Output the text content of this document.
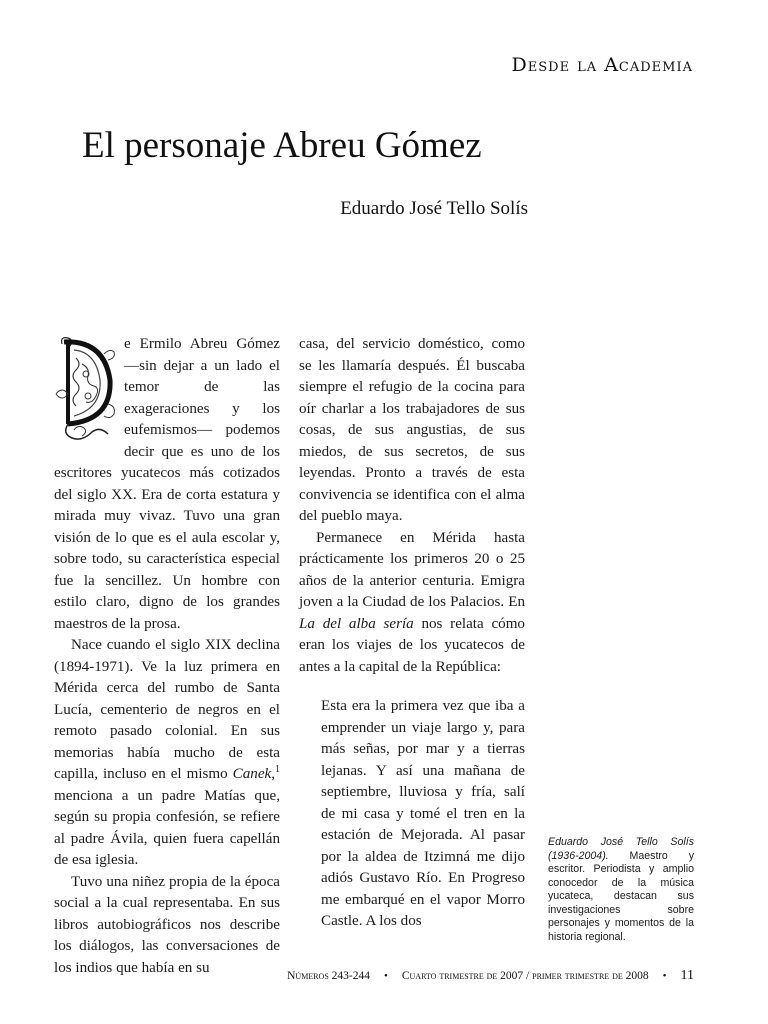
Desde la Academia
El personaje Abreu Gómez
Eduardo José Tello Solís

e Ermilo Abreu Gómez —sin dejar a un lado el temor de las exageraciones y los eufemismos— podemos decir que es uno de los escritores yucatecos más cotizados del siglo XX. Era de corta estatura y mirada muy vivaz. Tuvo una gran visión de lo que es el aula escolar y, sobre todo, su característica especial fue la sencillez. Un hombre con estilo claro, digno de los grandes maestros de la prosa.

Nace cuando el siglo XIX declina (1894-1971). Ve la luz primera en Mérida cerca del rumbo de Santa Lucía, cementerio de negros en el remoto pasado colonial. En sus memorias había mucho de esta capilla, incluso en el mismo Canek,$^1$ menciona a un padre Matías que, según su propia confesión, se refiere al padre Ávila, quien fuera capellán de esa iglesia.

Tuvo una niñez propia de la época social a la cual representaba. En sus libros autobiográficos nos describe los diálogos, las conversaciones de los indios que había en su

casa, del servicio doméstico, como se les llamaría después. Él buscaba siempre el refugio de la cocina para oír charlar a los trabajadores de sus cosas, de sus angustias, de sus miedos, de sus secretos, de sus leyendas. Pronto a través de esta convivencia se identifica con el alma del pueblo maya.

Permanece en Mérida hasta prácticamente los primeros 20 o 25 años de la anterior centuria. Emigra joven a la Ciudad de los Palacios. En La del alba sería nos relata cómo eran los viajes de los yucatecos de antes a la capital de la República:

Esta era la primera vez que iba a emprender un viaje largo y, para más señas, por mar y a tierras lejanas. Y así una mañana de septiembre, lluviosa y fría, salí de mi casa y tomé el tren en la estación de Mejorada. Al pasar por la aldea de Itzimná me dijo adiós Gustavo Río. En Progreso me embarqué en el vapor Morro Castle. A los dos

Eduardo José Tello Solís (1936-2004). Maestro y escritor. Periodista y amplio conocedor de la música yucateca, destacan sus investigaciones sobre personajes y momentos de la historia regional.
Números 243-244 • Cuarto trimestre de 2007 / primer trimestre de 2008 • 11
